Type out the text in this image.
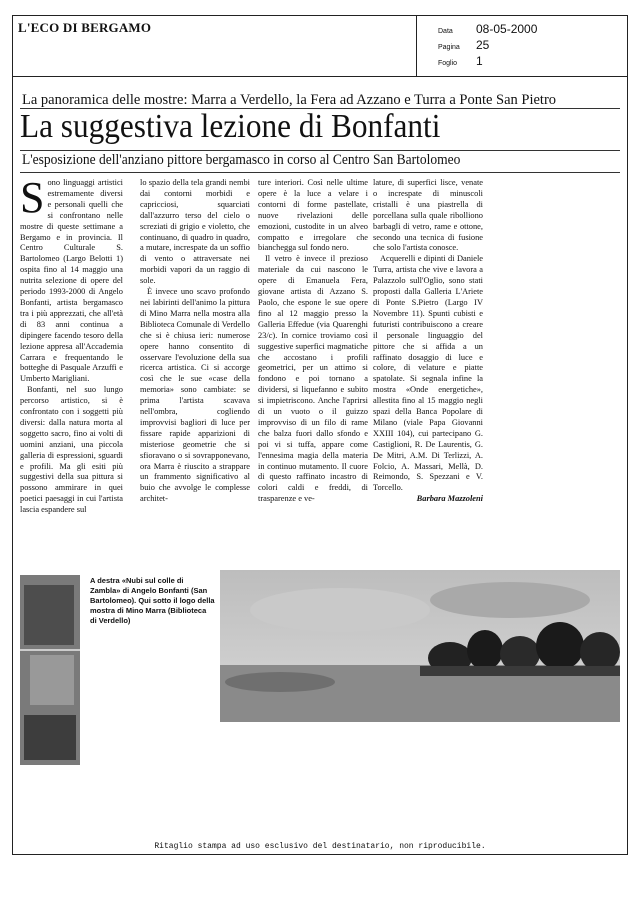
L'ECO DI BERGAMO	Data 08-05-2000
Pagina 25
Foglio 1
La panoramica delle mostre: Marra a Verdello, la Fera ad Azzano e Turra a Ponte San Pietro
La suggestiva lezione di Bonfanti
L'esposizione dell'anziano pittore bergamasco in corso al Centro San Bartolomeo

Sono linguaggi artistici estremamente diversi e personali quelli che si confrontano nelle mostre di queste settimane a Bergamo e in provincia. Il Centro Culturale S. Bartolomeo (Largo Belotti 1) ospita fino al 14 maggio una nutrita selezione di opere del periodo 1993-2000 di Angelo Bonfanti, artista bergamasco tra i più apprezzati, che all'età di 83 anni continua a dipingere facendo tesoro della lezione appresa all'Accademia Carrara e frequentando le botteghe di Pasquale Arzuffi e Umberto Marigliani.

Bonfanti, nel suo lungo percorso artistico, si è confrontato con i soggetti più diversi: dalla natura morta al soggetto sacro, fino ai volti di uomini anziani, una piccola galleria di espressioni, sguardi e profili. Ma gli esiti più suggestivi della sua pittura si possono ammirare in quei poetici paesaggi in cui l'artista lascia espandere sul

lo spazio della tela grandi nembi dai contorni morbidi e capricciosi, squarciati dall'azzurro terso del cielo o screziati di grigio e violetto, che continuano, di quadro in quadro, a mutare, increspate da un soffio di vento o attraversate nei morbidi vapori da un raggio di sole.

È invece uno scavo profondo nei labirinti dell'animo la pittura di Mino Marra nella mostra alla Biblioteca Comunale di Verdello che si è chiusa ieri: numerose opere hanno consentito di osservare l'evoluzione della sua ricerca artistica. Ci si accorge così che le sue «case della memoria» sono cambiate: se prima l'artista scavava nell'ombra, cogliendo improvvisi bagliori di luce per fissare rapide apparizioni di misteriose geometrie che si sfioravano o si sovrapponevano, ora Marra è riuscito a strappare un frammento significativo al buio che avvolge le complesse architet-

ture interiori. Così nelle ultime opere è la luce a velare i contorni di forme pastellate, nuove rivelazioni delle emozioni, custodite in un alveo compatto e irregolare che bianchegga sul fondo nero.

Il vetro è invece il prezioso materiale da cui nascono le opere di Emanuela Fera, giovane artista di Azzano S. Paolo, che espone le sue opere fino al 12 maggio presso la Galleria Effedue (via Quarenghi 23/c). In cornice troviamo così suggestive superfici magmatiche che accostano i profili geometrici, per un attimo si fondono e poi tornano a dividersi, si liquefanno e subito si impietriscono. Anche l'aprirsi di un vuoto o il guizzo improvviso di un filo di rame che balza fuori dallo sfondo e poi vi si tuffa, appare come l'ennesima magia della materia in continuo mutamento. Il cuore di questo raffinato incastro di colori caldi e freddi, di trasparenze e ve-

lature, di superfici lisce, venate o increspate di minuscoli cristalli è una piastrella di porcellana sulla quale ribolliono barbagli di vetro, rame e ottone, secondo una tecnica di fusione che solo l'artista conosce.

Acquerelli e dipinti di Daniele Turra, artista che vive e lavora a Palazzolo sull'Oglio, sono stati proposti dalla Galleria L'Ariete di Ponte S.Pietro (Largo IV Novembre 11). Spunti cubisti e futuristi contribuiscono a creare il personale linguaggio del pittore che si affida a un raffinato dosaggio di luce e colore, di velature e piatte spatolate. Si segnala infine la mostra «Onde energetiche», allestita fino al 15 maggio negli spazi della Banca Popolare di Milano (viale Papa Giovanni XXIII 104), cui partecipano G. Castiglioni, R. De Laurentis, G. De Mitri, A.M. Di Terlizzi, A. Folcio, A. Massari, Mellà, D. Reimondo, S. Spezzani e V. Torcello.

Barbara Mazzoleni

A destra «Nubi sul colle di Zambla» di Angelo Bonfanti (San Bartolomeo). Qui sotto il logo della mostra di Mino Marra (Biblioteca di Verdello)
Ritaglio stampa ad uso esclusivo del destinatario, non riproducibile.
